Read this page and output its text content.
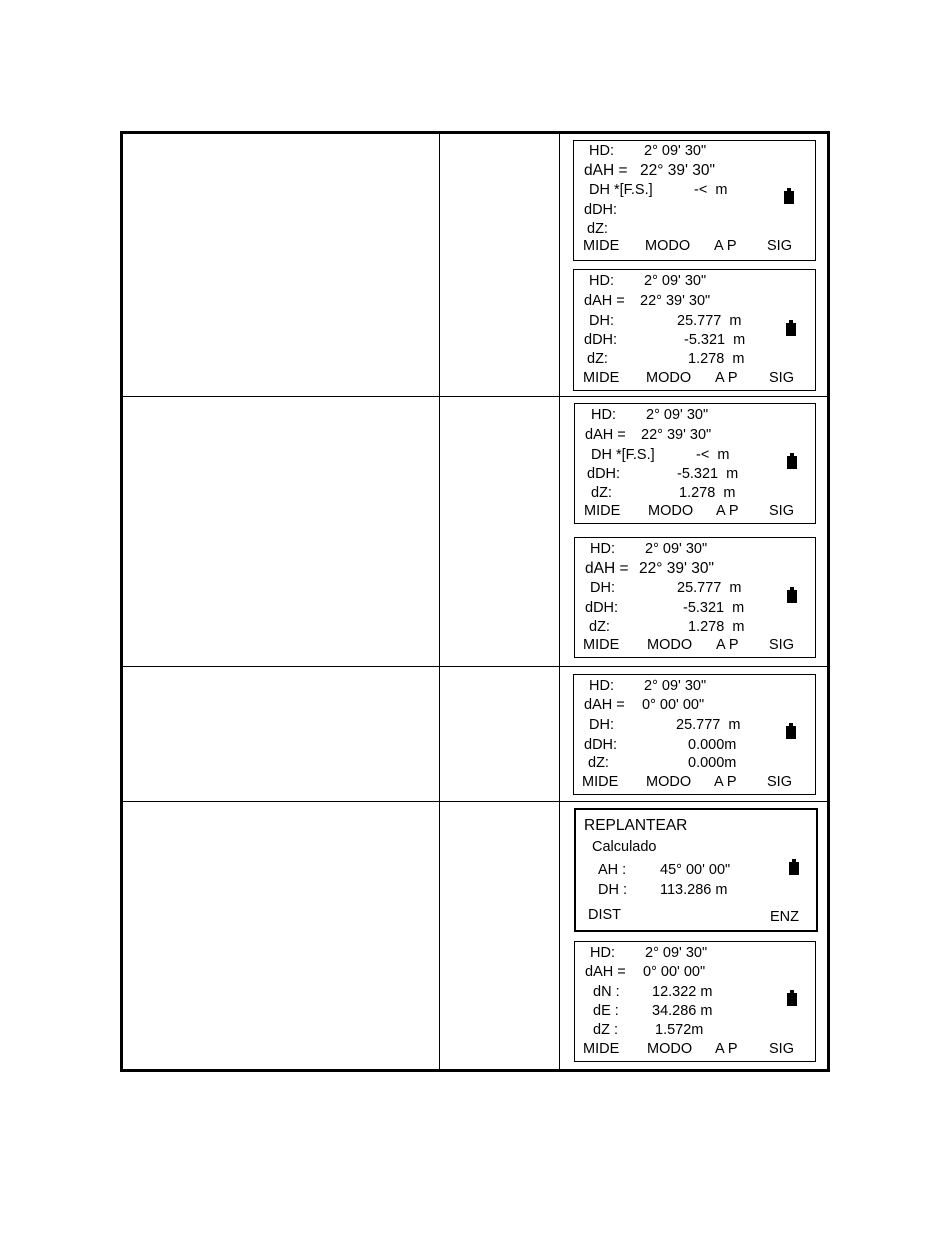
HD: 2° 09' 30"
dAH = 22° 39' 30"
DH *[F.S.]	-<  m
dDH:
dZ:
MIDE MODO A P SIG
HD: 2° 09' 30"
dAH = 22° 39' 30"
DH:	25.777  m
dDH:	-5.321  m
dZ:	1.278  m
MIDE MODO A P SIG
HD: 2° 09' 30"
dAH = 22° 39' 30"
DH *[F.S.]	-<  m
dDH:	-5.321  m
dZ:	1.278  m
MIDE MODO A P SIG
HD: 2° 09' 30"
dAH = 22° 39' 30"
DH:	25.777  m
dDH:	-5.321  m
dZ:	1.278  m
MIDE MODO A P SIG
HD: 2° 09' 30"
dAH = 0° 00' 00"
DH:	25.777  m
dDH:	0.000m
dZ:	0.000m
MIDE MODO A P SIG
REPLANTEAR
Calculado
AH : 45° 00' 00"
DH : 113.286 m
DIST	ENZ
HD: 2° 09' 30"
dAH = 0° 00' 00"
dN : 12.322 m
dE : 34.286 m
dZ :	1.572m
MIDE MODO A P SIG
